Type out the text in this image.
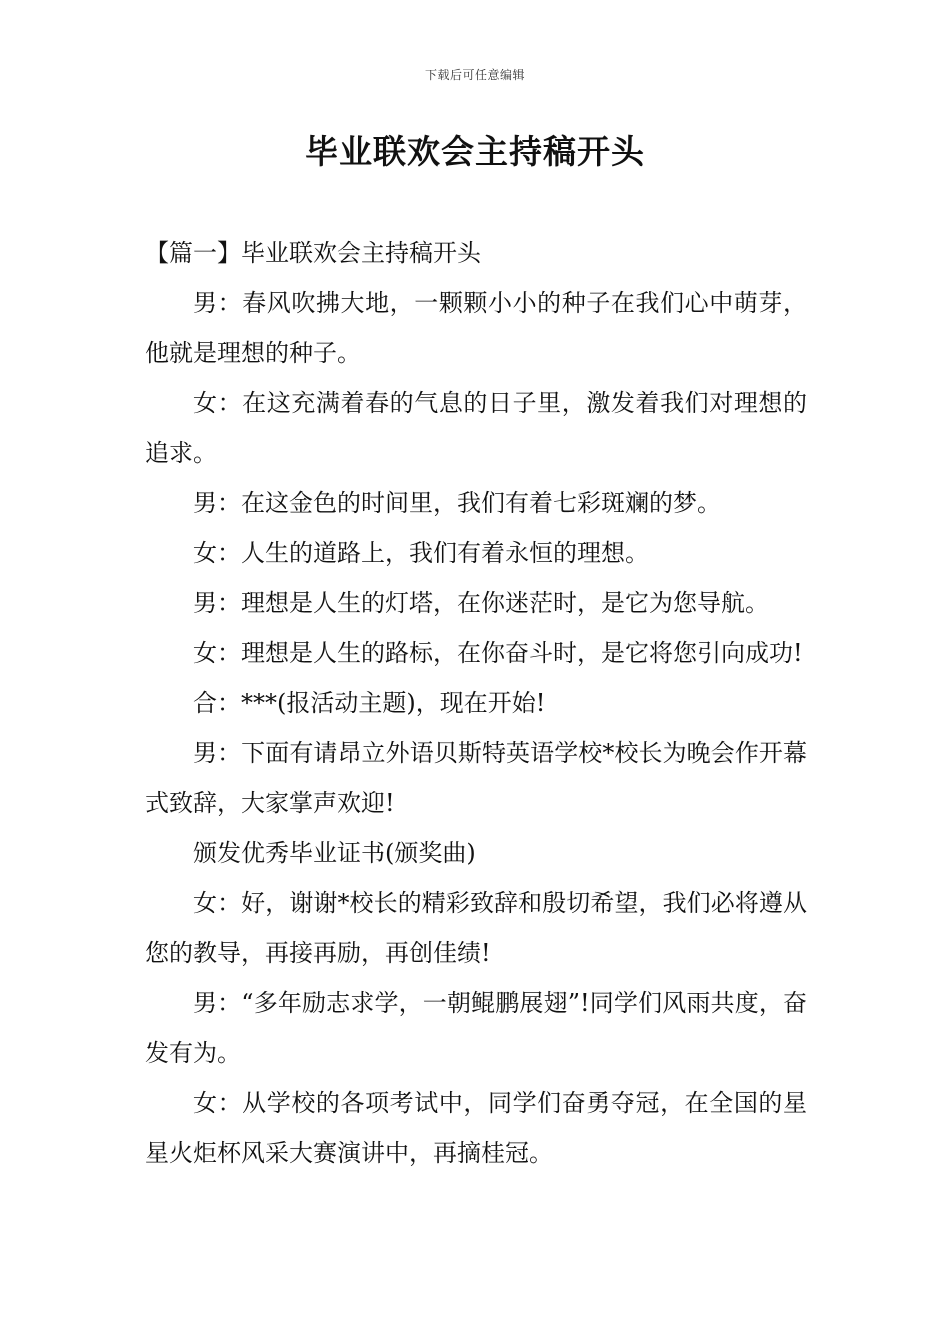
下载后可任意编辑
毕业联欢会主持稿开头

【篇一】毕业联欢会主持稿开头

男：春风吹拂大地，一颗颗小小的种子在我们心中萌芽，他就是理想的种子。

女：在这充满着春的气息的日子里，激发着我们对理想的追求。

男：在这金色的时间里，我们有着七彩斑斓的梦。

女：人生的道路上，我们有着永恒的理想。

男：理想是人生的灯塔，在你迷茫时，是它为您导航。

女：理想是人生的路标，在你奋斗时，是它将您引向成功!

合：***(报活动主题)，现在开始!

男：下面有请昂立外语贝斯特英语学校*校长为晚会作开幕式致辞，大家掌声欢迎!

颁发优秀毕业证书(颁奖曲)

女：好，谢谢*校长的精彩致辞和殷切希望，我们必将遵从您的教导，再接再励，再创佳绩!

男：“多年励志求学，一朝鲲鹏展翅”!同学们风雨共度，奋发有为。

女：从学校的各项考试中，同学们奋勇夺冠，在全国的星星火炬杯风采大赛演讲中，再摘桂冠。
